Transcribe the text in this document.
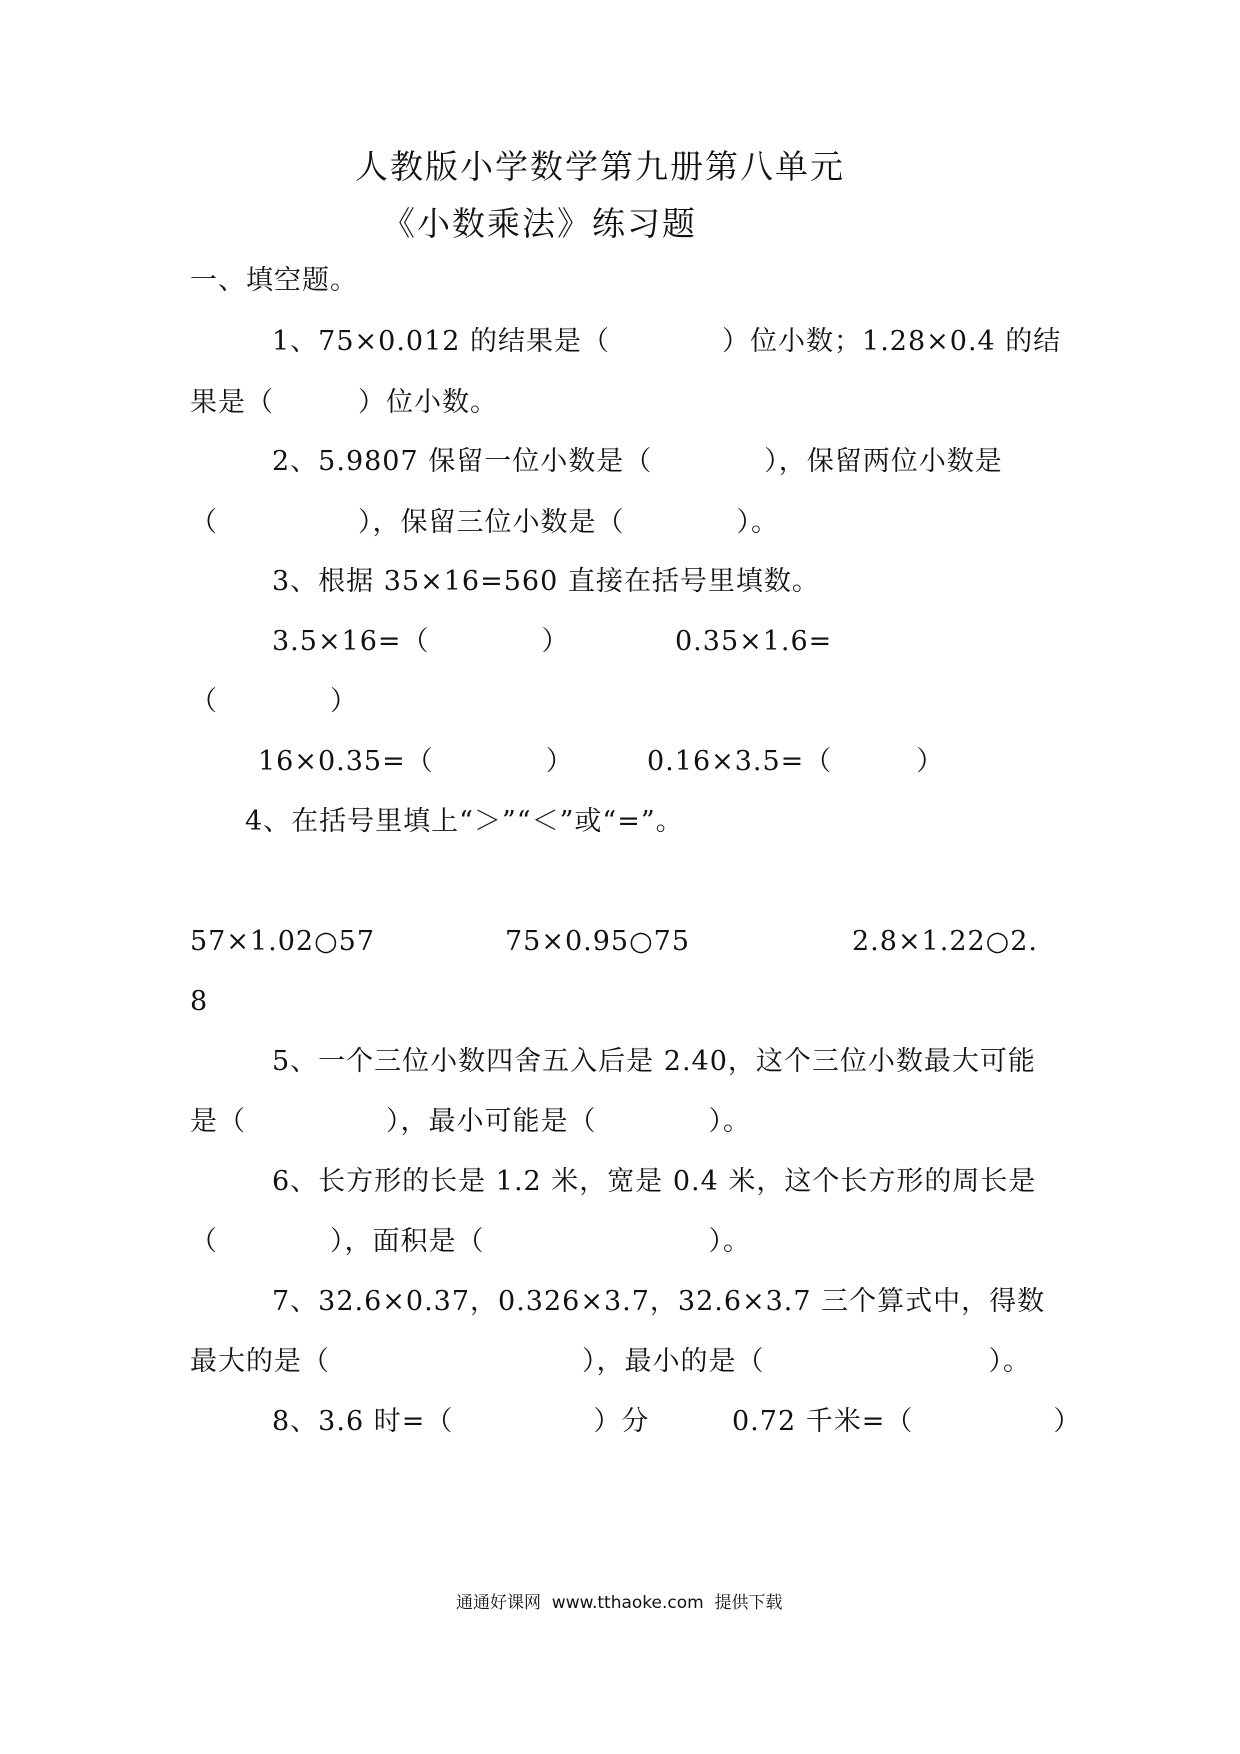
人教版小学数学第九册第八单元
《小数乘法》练习题
一、填空题。
1、75×0.012 的结果是（　　　　）位小数；1.28×0.4 的结
果是（　　　）位小数。
2、5.9807 保留一位小数是（　　　　），保留两位小数是
（　　　　　），保留三位小数是（　　　　）。
3、根据 35×16=560 直接在括号里填数。
3.5×16=（　　　　）	0.35×1.6=
（　　　　）
16×0.35=（　　　　）	0.16×3.5=（　　　）
4、在括号里填上“＞”“＜”或“=”。
57×1.02○57	75×0.95○75	2.8×1.22○2.
8
5、一个三位小数四舍五入后是 2.40，这个三位小数最大可能
是（　　　　　），最小可能是（　　　　）。
6、长方形的长是 1.2 米，宽是 0.4 米，这个长方形的周长是
（　　　　），面积是（　　　　　　　　）。
7、32.6×0.37，0.326×3.7，32.6×3.7 三个算式中，得数
最大的是（　　　　　　　　　），最小的是（　　　　　　　　）。
8、3.6 时=（　　　　　）分	0.72 千米=（　　　　　）
通通好课网  www.tthaoke.com  提供下载
